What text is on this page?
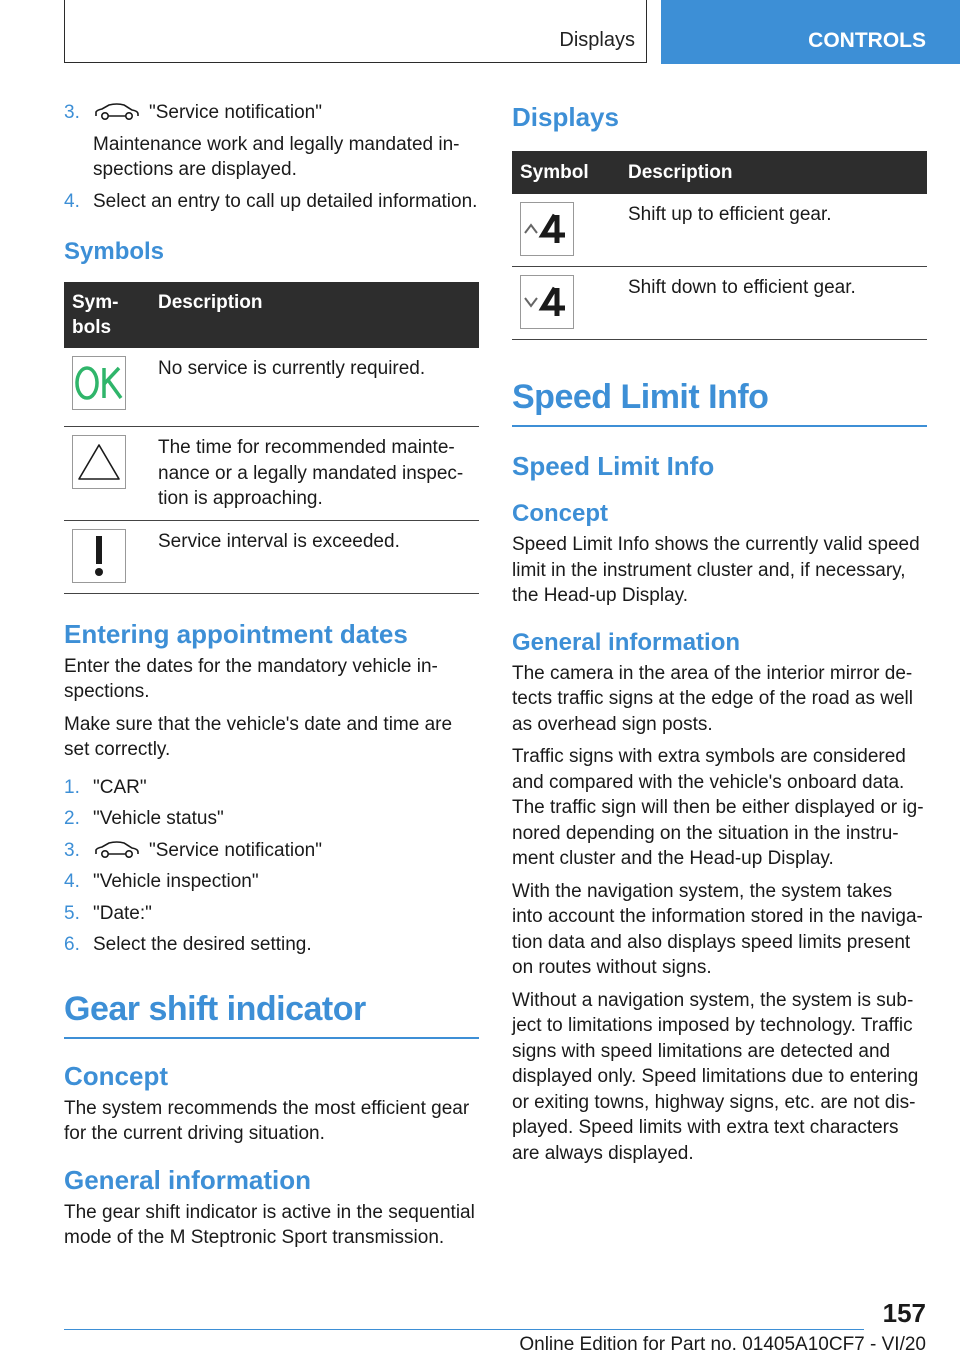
Displays	CONTROLS
3.	"Service notification"
Maintenance work and legally mandated in-spections are displayed.
4. Select an entry to call up detailed information.
Symbols
Sym-bols	Description

	No service is currently required.

	The time for recommended mainte-nance or a legally mandated inspec-tion is approaching.

	Service interval is exceeded.
Entering appointment dates

Enter the dates for the mandatory vehicle in-spections.

Make sure that the vehicle's date and time are set correctly.

1. "CAR"
2. "Vehicle status"
3.	"Service notification"
4. "Vehicle inspection"
5. "Date:"
6. Select the desired setting.
Gear shift indicator
Concept

The system recommends the most efficient gear for the current driving situation.

General information

The gear shift indicator is active in the sequential mode of the M Steptronic Sport transmission.

Displays
Symbol	Description

	Shift up to efficient gear.

	Shift down to efficient gear.
Speed Limit Info
Speed Limit Info
Concept

Speed Limit Info shows the currently valid speed limit in the instrument cluster and, if necessary, the Head-up Display.

General information

The camera in the area of the interior mirror de-tects traffic signs at the edge of the road as well as overhead sign posts.

Traffic signs with extra symbols are considered and compared with the vehicle's onboard data. The traffic sign will then be either displayed or ig-nored depending on the situation in the instru-ment cluster and the Head-up Display.

With the navigation system, the system takes into account the information stored in the naviga-tion data and also displays speed limits present on routes without signs.

Without a navigation system, the system is sub-ject to limitations imposed by technology. Traffic signs with speed limitations are detected and displayed only. Speed limitations due to entering or exiting towns, highway signs, etc. are not dis-played. Speed limits with extra text characters are always displayed.

157
Online Edition for Part no. 01405A10CF7 - VI/20
